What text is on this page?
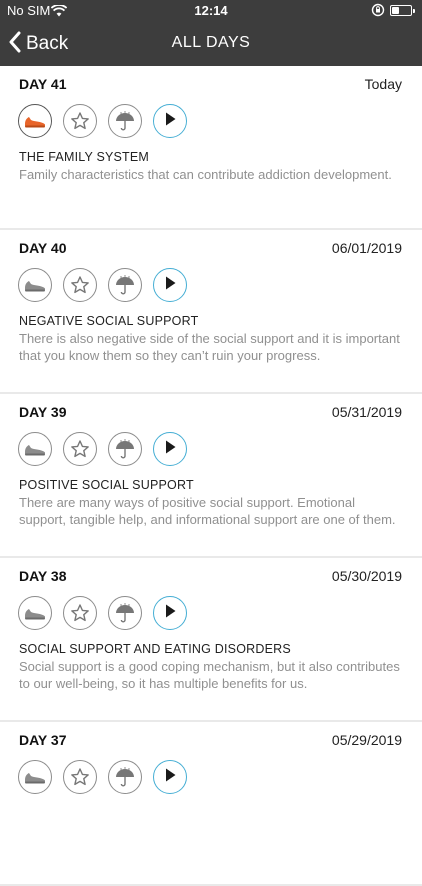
No SIM	12:14
Back	ALL DAYS
DAY 41	Today
THE FAMILY SYSTEM
Family characteristics that can contribute addiction development.
DAY 40	06/01/2019
NEGATIVE SOCIAL SUPPORT
There is also negative side of the social support and it is important that you know them so they can’t ruin your progress.
DAY 39	05/31/2019
POSITIVE SOCIAL SUPPORT
There are many ways of positive social support. Emotional support, tangible help, and informational support are one of them.
DAY 38	05/30/2019
SOCIAL SUPPORT AND EATING DISORDERS
Social support is a good coping mechanism, but it also contributes to our well-being, so it has multiple benefits for us.
DAY 37	05/29/2019
